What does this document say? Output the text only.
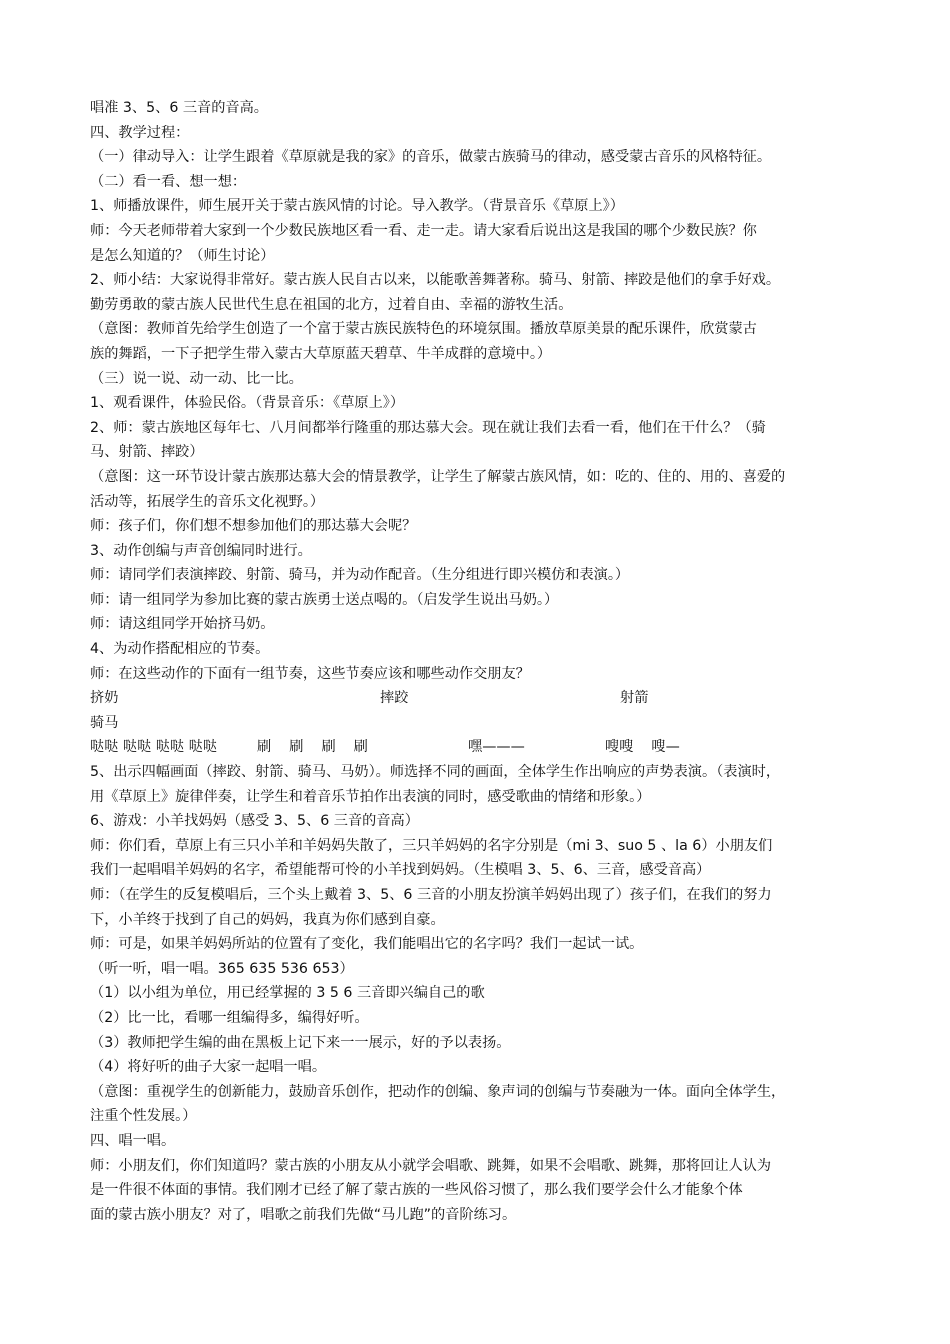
唱准 3、5、6 三音的音高。
四、教学过程：
（一）律动导入：让学生跟着《草原就是我的家》的音乐，做蒙古族骑马的律动，感受蒙古音乐的风格特征。
（二）看一看、想一想：
1、师播放课件，师生展开关于蒙古族风情的讨论。导入教学。（背景音乐《草原上》）
师：今天老师带着大家到一个少数民族地区看一看、走一走。请大家看后说出这是我国的哪个少数民族？你
是怎么知道的？（师生讨论）
2、师小结：大家说得非常好。蒙古族人民自古以来，以能歌善舞著称。骑马、射箭、摔跤是他们的拿手好戏。
勤劳勇敢的蒙古族人民世代生息在祖国的北方，过着自由、幸福的游牧生活。
（意图：教师首先给学生创造了一个富于蒙古族民族特色的环境氛围。播放草原美景的配乐课件，欣赏蒙古
族的舞蹈，一下子把学生带入蒙古大草原蓝天碧草、牛羊成群的意境中。）
（三）说一说、动一动、比一比。
1、观看课件，体验民俗。（背景音乐：《草原上》）
2、师：蒙古族地区每年七、八月间都举行隆重的那达慕大会。现在就让我们去看一看，他们在干什么？（骑
马、射箭、摔跤）
（意图：这一环节设计蒙古族那达慕大会的情景教学，让学生了解蒙古族风情，如：吃的、住的、用的、喜爱的
活动等，拓展学生的音乐文化视野。）
师：孩子们，你们想不想参加他们的那达慕大会呢？
3、动作创编与声音创编同时进行。
师：请同学们表演摔跤、射箭、骑马，并为动作配音。（生分组进行即兴模仿和表演。）
师：请一组同学为参加比赛的蒙古族勇士送点喝的。（启发学生说出马奶。）
师：请这组同学开始挤马奶。
4、为动作搭配相应的节奏。
师：在这些动作的下面有一组节奏，这些节奏应该和哪些动作交朋友？
挤奶	摔跤	射箭
骑马
哒哒 哒哒 哒哒 哒哒	刷    刷    刷    刷	嘿———	嗖嗖    嗖—
5、出示四幅画面（摔跤、射箭、骑马、马奶）。师选择不同的画面，全体学生作出响应的声势表演。（表演时，
用《草原上》旋律伴奏，让学生和着音乐节拍作出表演的同时，感受歌曲的情绪和形象。）
6、游戏：小羊找妈妈（感受 3、5、6 三音的音高）
师：你们看，草原上有三只小羊和羊妈妈失散了，三只羊妈妈的名字分别是（mi 3、suo 5 、la 6）小朋友们
我们一起唱唱羊妈妈的名字，希望能帮可怜的小羊找到妈妈。（生模唱 3、5、6、三音，感受音高）
师：（在学生的反复模唱后，三个头上戴着 3、5、6 三音的小朋友扮演羊妈妈出现了）孩子们，在我们的努力
下，小羊终于找到了自己的妈妈，我真为你们感到自豪。
师：可是，如果羊妈妈所站的位置有了变化，我们能唱出它的名字吗？我们一起试一试。
（听一听，唱一唱。365 635 536 653）
（1）以小组为单位，用已经掌握的 3 5 6 三音即兴编自己的歌
（2）比一比，看哪一组编得多，编得好听。
（3）教师把学生编的曲在黑板上记下来一一展示，好的予以表扬。
（4）将好听的曲子大家一起唱一唱。
（意图：重视学生的创新能力，鼓励音乐创作，把动作的创编、象声词的创编与节奏融为一体。面向全体学生，
注重个性发展。）
四、唱一唱。
师：小朋友们，你们知道吗？蒙古族的小朋友从小就学会唱歌、跳舞，如果不会唱歌、跳舞，那将回让人认为
是一件很不体面的事情。我们刚才已经了解了蒙古族的一些风俗习惯了，那么我们要学会什么才能象个体
面的蒙古族小朋友？对了，唱歌之前我们先做“马儿跑”的音阶练习。
